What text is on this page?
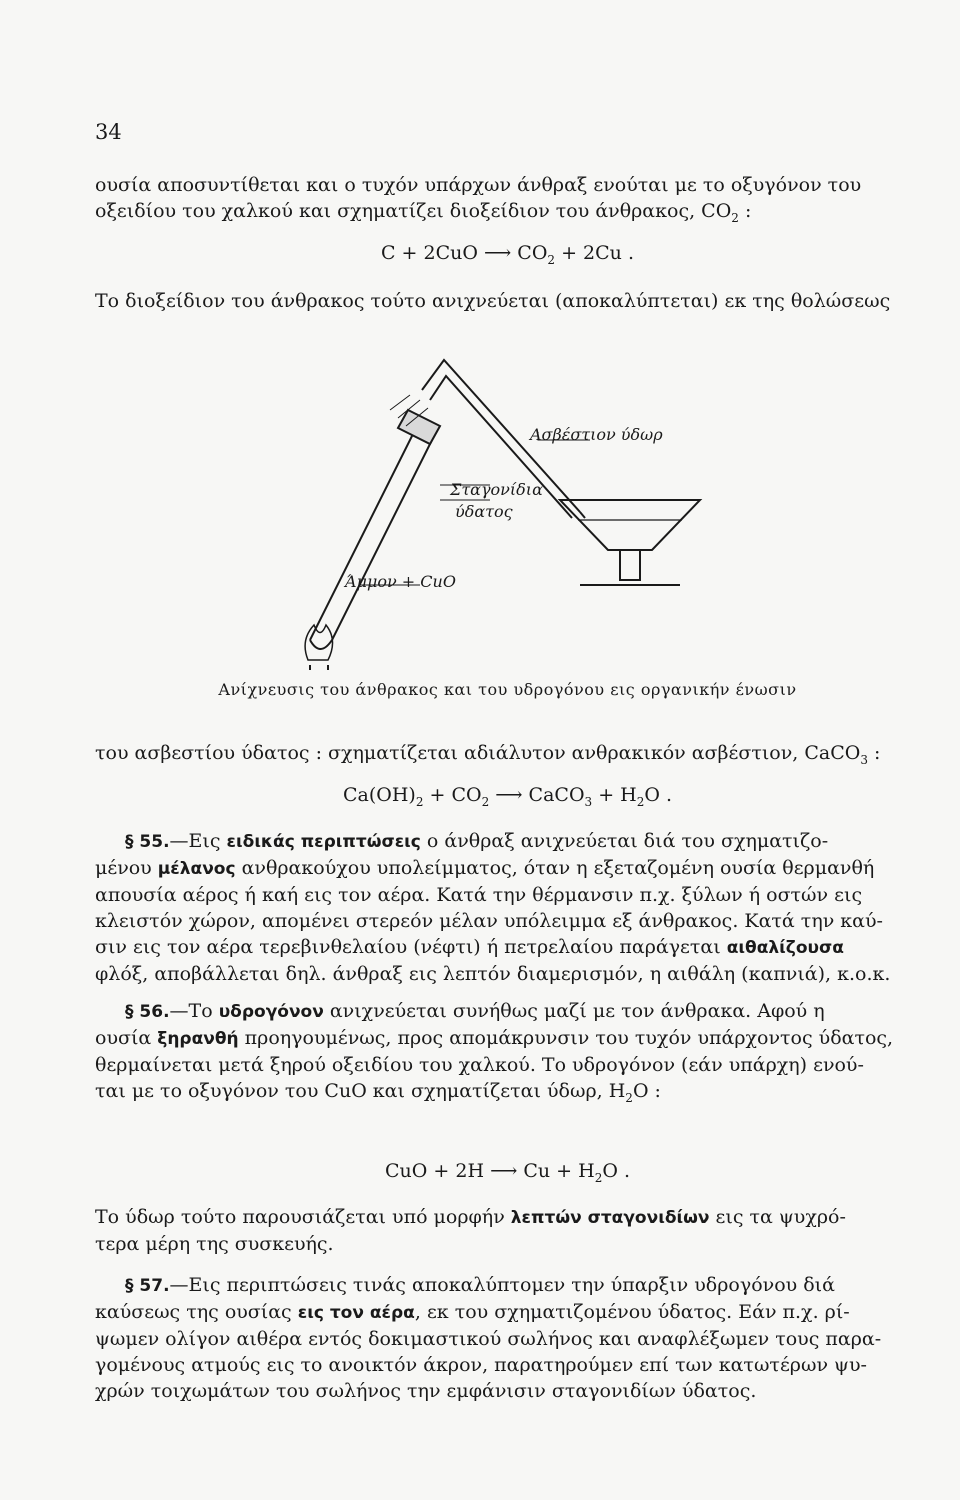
34
ουσία αποσυντίθεται και ο τυχόν υπάρχων άνθραξ ενούται με το οξυγόνον του
οξειδίου του χαλκού και σχηματίζει διοξείδιον του άνθρακος, $CO_2$ :
C + 2CuO ⟶ $CO_2 + 2Cu$ .
Το διοξείδιον του άνθρακος τούτο ανιχνεύεται (αποκαλύπτεται) εκ της θολώσεως
Ασβέστιον ύδωρ
Σταγονίδια
ύδατος
Άμμον + CuO
Ανίχνευσις του άνθρακος και του υδρογόνου εις οργανικήν ένωσιν
του ασβεστίου ύδατος : σχηματίζεται αδιάλυτον ανθρακικόν ασβέστιον, CaCO$_3$ :
$Ca(OH)_2 + CO_2$ ⟶ CaCO$_3$ + $H_2O$ .
§ 55.—Εις ειδικάς περιπτώσεις ο άνθραξ ανιχνεύεται διά του σχηματιζο-
μένου μέλανος ανθρακούχου υπολείμματος, όταν η εξεταζομένη ουσία θερμανθή
απουσία αέρος ή καή εις τον αέρα. Κατά την θέρμανσιν π.χ. ξύλων ή οστών εις
κλειστόν χώρον, απομένει στερεόν μέλαν υπόλειμμα εξ άνθρακος. Κατά την καύ-
σιν εις τον αέρα τερεβινθελαίου (νέφτι) ή πετρελαίου παράγεται αιθαλίζουσα
φλόξ, αποβάλλεται δηλ. άνθραξ εις λεπτόν διαμερισμόν, η αιθάλη (καπνιά), κ.ο.κ.
§ 56.—Το υδρογόνον ανιχνεύεται συνήθως μαζί με τον άνθρακα. Αφού η
ουσία ξηρανθή προηγουμένως, προς απομάκρυνσιν του τυχόν υπάρχοντος ύδατος,
θερμαίνεται μετά ξηρού οξειδίου του χαλκού. Το υδρογόνον (εάν υπάρχη) ενού-
ται με το οξυγόνον του CuO και σχηματίζεται ύδωρ, $H_2O$ :
CuO + 2H ⟶ $Cu + H_2O$ .
Το ύδωρ τούτο παρουσιάζεται υπό μορφήν λεπτών σταγονιδίων εις τα ψυχρό-
τερα μέρη της συσκευής.
§ 57.—Εις περιπτώσεις τινάς αποκαλύπτομεν την ύπαρξιν υδρογόνου διά
καύσεως της ουσίας εις τον αέρα, εκ του σχηματιζομένου ύδατος. Εάν π.χ. ρί-
ψωμεν ολίγον αιθέρα εντός δοκιμαστικού σωλήνος και αναφλέξωμεν τους παρα-
γομένους ατμούς εις το ανοικτόν άκρον, παρατηρούμεν επί των κατωτέρων ψυ-
χρών τοιχωμάτων του σωλήνος την εμφάνισιν σταγονιδίων ύδατος.
